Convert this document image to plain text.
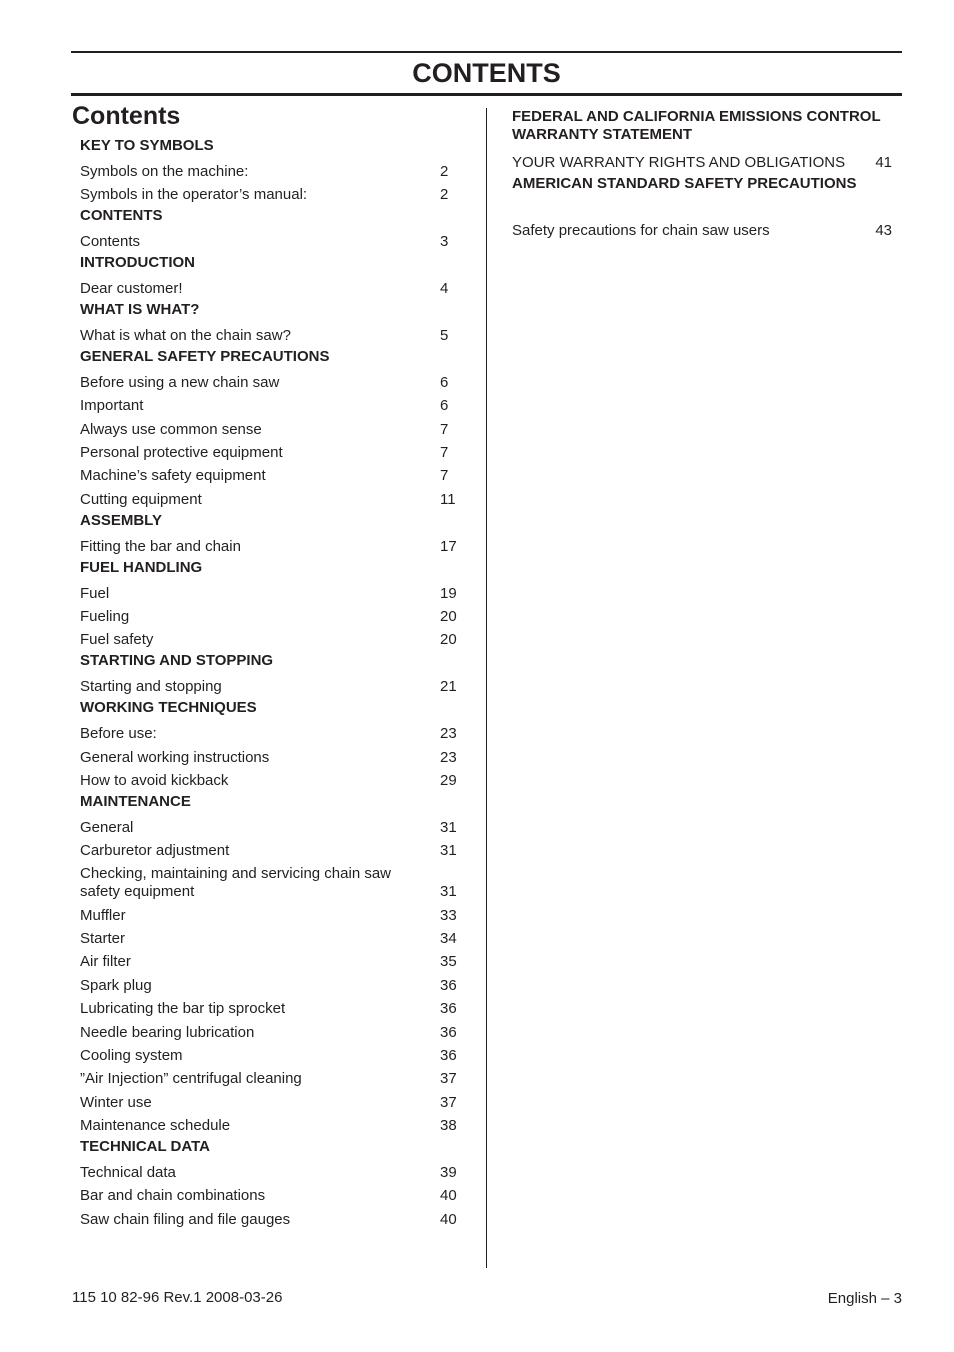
CONTENTS
Contents
KEY TO SYMBOLS
Symbols on the machine:	2
Symbols in the operator’s manual:	2
CONTENTS
Contents	3
INTRODUCTION
Dear customer!	4
WHAT IS WHAT?
What is what on the chain saw?	5
GENERAL SAFETY PRECAUTIONS
Before using a new chain saw	6
Important	6
Always use common sense	7
Personal protective equipment	7
Machine’s safety equipment	7
Cutting equipment	11
ASSEMBLY
Fitting the bar and chain	17
FUEL HANDLING
Fuel	19
Fueling	20
Fuel safety	20
STARTING AND STOPPING
Starting and stopping	21
WORKING TECHNIQUES
Before use:	23
General working instructions	23
How to avoid kickback	29
MAINTENANCE
General	31
Carburetor adjustment	31
Checking, maintaining and servicing chain saw safety equipment	31
Muffler	33
Starter	34
Air filter	35
Spark plug	36
Lubricating the bar tip sprocket	36
Needle bearing lubrication	36
Cooling system	36
”Air Injection” centrifugal cleaning	37
Winter use	37
Maintenance schedule	38
TECHNICAL DATA
Technical data	39
Bar and chain combinations	40
Saw chain filing and file gauges	40
FEDERAL AND CALIFORNIA EMISSIONS CONTROL WARRANTY STATEMENT
YOUR WARRANTY RIGHTS AND OBLIGATIONS 41
AMERICAN STANDARD SAFETY PRECAUTIONS
Safety precautions for chain saw users	43
115 10 82-96 Rev.1 2008-03-26	English – 3
